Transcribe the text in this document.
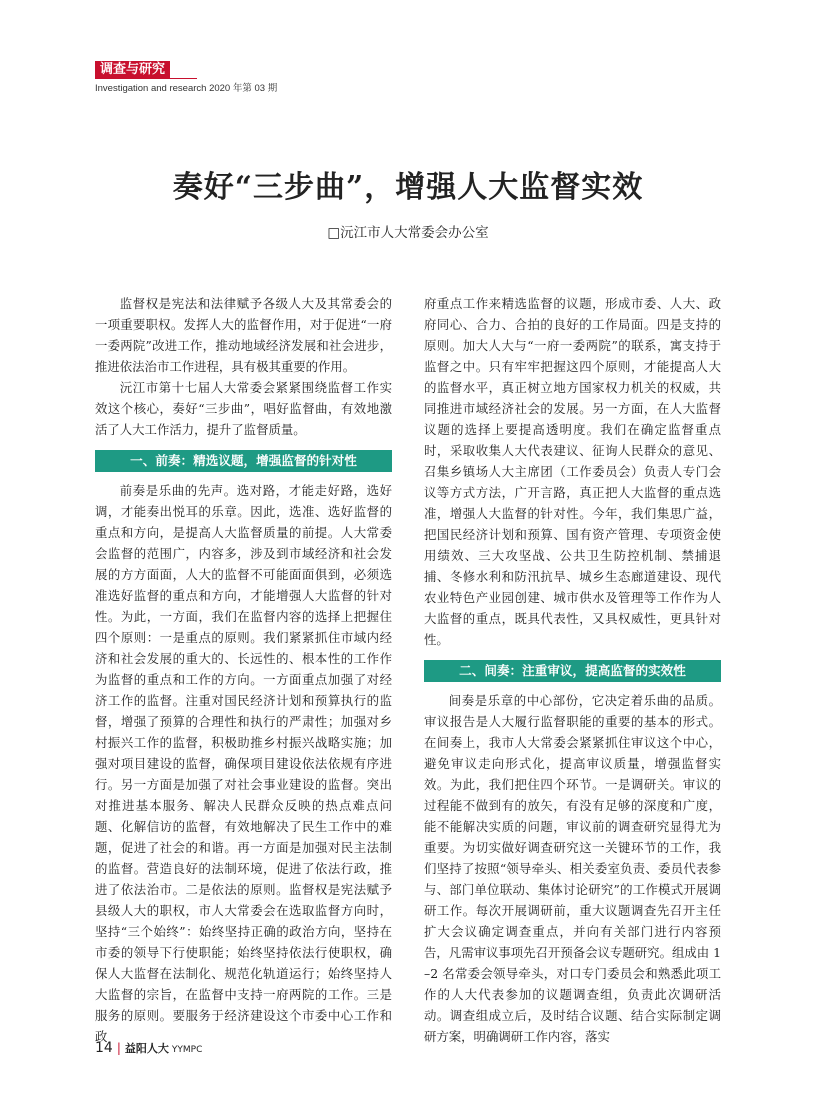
调查与研究
Investigation and research 2020 年第 03 期
奏好“三步曲”，增强人大监督实效
□沅江市人大常委会办公室

监督权是宪法和法律赋予各级人大及其常委会的一项重要职权。发挥人大的监督作用，对于促进“一府一委两院”改进工作，推动地域经济发展和社会进步，推进依法治市工作进程，具有极其重要的作用。

沅江市第十七届人大常委会紧紧围绕监督工作实效这个核心，奏好“三步曲”，唱好监督曲，有效地激活了人大工作活力，提升了监督质量。

一、前奏：精选议题，增强监督的针对性

前奏是乐曲的先声。选对路，才能走好路，选好调，才能奏出悦耳的乐章。因此，选准、选好监督的重点和方向，是提高人大监督质量的前提。人大常委会监督的范围广，内容多，涉及到市域经济和社会发展的方方面面，人大的监督不可能面面俱到，必须选准选好监督的重点和方向，才能增强人大监督的针对性。为此，一方面，我们在监督内容的选择上把握住四个原则：一是重点的原则。我们紧紧抓住市域内经济和社会发展的重大的、长远性的、根本性的工作作为监督的重点和工作的方向。一方面重点加强了对经济工作的监督。注重对国民经济计划和预算执行的监督，增强了预算的合理性和执行的严肃性；加强对乡村振兴工作的监督，积极助推乡村振兴战略实施；加强对项目建设的监督，确保项目建设依法依规有序进行。另一方面是加强了对社会事业建设的监督。突出对推进基本服务、解决人民群众反映的热点难点问题、化解信访的监督，有效地解决了民生工作中的难题，促进了社会的和谐。再一方面是加强对民主法制的监督。营造良好的法制环境，促进了依法行政，推进了依法治市。二是依法的原则。监督权是宪法赋予县级人大的职权，市人大常委会在选取监督方向时，坚持“三个始终”：始终坚持正确的政治方向，坚持在市委的领导下行使职能；始终坚持依法行使职权，确保人大监督在法制化、规范化轨道运行；始终坚持人大监督的宗旨，在监督中支持一府两院的工作。三是服务的原则。要服务于经济建设这个市委中心工作和政

府重点工作来精选监督的议题，形成市委、人大、政府同心、合力、合拍的良好的工作局面。四是支持的原则。加大人大与“一府一委两院”的联系，寓支持于监督之中。只有牢牢把握这四个原则，才能提高人大的监督水平，真正树立地方国家权力机关的权威，共同推进市域经济社会的发展。另一方面，在人大监督议题的选择上要提高透明度。我们在确定监督重点时，采取收集人大代表建议、征询人民群众的意见、召集乡镇场人大主席团（工作委员会）负责人专门会议等方式方法，广开言路，真正把人大监督的重点选准，增强人大监督的针对性。今年，我们集思广益，把国民经济计划和预算、国有资产管理、专项资金使用绩效、三大攻坚战、公共卫生防控机制、禁捕退捕、冬修水利和防汛抗旱、城乡生态廊道建设、现代农业特色产业园创建、城市供水及管理等工作作为人大监督的重点，既具代表性，又具权威性，更具针对性。

二、间奏：注重审议，提高监督的实效性

间奏是乐章的中心部份，它决定着乐曲的品质。审议报告是人大履行监督职能的重要的基本的形式。在间奏上，我市人大常委会紧紧抓住审议这个中心，避免审议走向形式化，提高审议质量，增强监督实效。为此，我们把住四个环节。一是调研关。审议的过程能不做到有的放矢，有没有足够的深度和广度，能不能解决实质的问题，审议前的调查研究显得尤为重要。为切实做好调查研究这一关键环节的工作，我们坚持了按照“领导牵头、相关委室负责、委员代表参与、部门单位联动、集体讨论研究”的工作模式开展调研工作。每次开展调研前，重大议题调查先召开主任扩大会议确定调查重点，并向有关部门进行内容预告，凡需审议事项先召开预备会议专题研究。组成由 1–2 名常委会领导牵头，对口专门委员会和熟悉此项工作的人大代表参加的议题调查组，负责此次调研活动。调查组成立后，及时结合议题、结合实际制定调研方案，明确调研工作内容，落实

14 | 益阳人大 YYMPC
